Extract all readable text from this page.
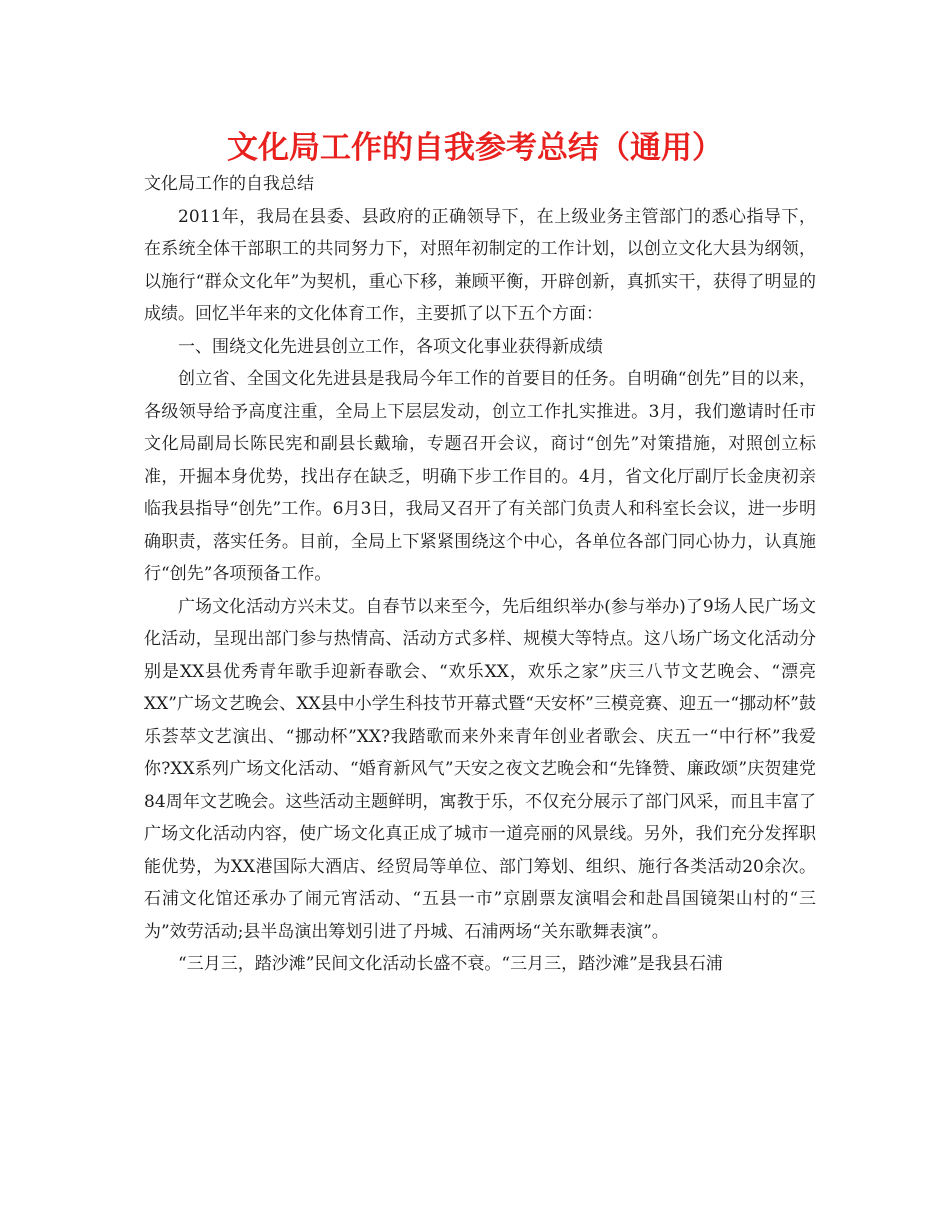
文化局工作的自我参考总结（通用）

文化局工作的自我总结

2011年，我局在县委、县政府的正确领导下，在上级业务主管部门的悉心指导下，在系统全体干部职工的共同努力下，对照年初制定的工作计划，以创立文化大县为纲领，以施行“群众文化年”为契机，重心下移，兼顾平衡，开辟创新，真抓实干，获得了明显的成绩。回忆半年来的文化体育工作，主要抓了以下五个方面：

一、围绕文化先进县创立工作，各项文化事业获得新成绩

创立省、全国文化先进县是我局今年工作的首要目的任务。自明确“创先”目的以来，各级领导给予高度注重，全局上下层层发动，创立工作扎实推进。3月，我们邀请时任市文化局副局长陈民宪和副县长戴瑜，专题召开会议，商讨“创先”对策措施，对照创立标准，开掘本身优势，找出存在缺乏，明确下步工作目的。4月，省文化厅副厅长金庚初亲临我县指导“创先”工作。6月3日，我局又召开了有关部门负责人和科室长会议，进一步明确职责，落实任务。目前，全局上下紧紧围绕这个中心，各单位各部门同心协力，认真施行“创先”各项预备工作。

广场文化活动方兴未艾。自春节以来至今，先后组织举办(参与举办)了9场人民广场文化活动，呈现出部门参与热情高、活动方式多样、规模大等特点。这八场广场文化活动分别是XX县优秀青年歌手迎新春歌会、“欢乐XX，欢乐之家”庆三八节文艺晚会、“漂亮XX”广场文艺晚会、XX县中小学生科技节开幕式暨“天安杯”三模竞赛、迎五一“挪动杯”鼓乐荟萃文艺演出、“挪动杯”XX?我踏歌而来外来青年创业者歌会、庆五一“中行杯”我爱你?XX系列广场文化活动、“婚育新风气”天安之夜文艺晚会和“先锋赞、廉政颂”庆贺建党84周年文艺晚会。这些活动主题鲜明，寓教于乐，不仅充分展示了部门风采，而且丰富了广场文化活动内容，使广场文化真正成了城市一道亮丽的风景线。另外，我们充分发挥职能优势，为XX港国际大酒店、经贸局等单位、部门筹划、组织、施行各类活动20余次。石浦文化馆还承办了闹元宵活动、“五县一市”京剧票友演唱会和赴昌国镜架山村的“三为”效劳活动;县半岛演出筹划引进了丹城、石浦两场“关东歌舞表演”。

“三月三，踏沙滩”民间文化活动长盛不衰。“三月三，踏沙滩”是我县石浦
